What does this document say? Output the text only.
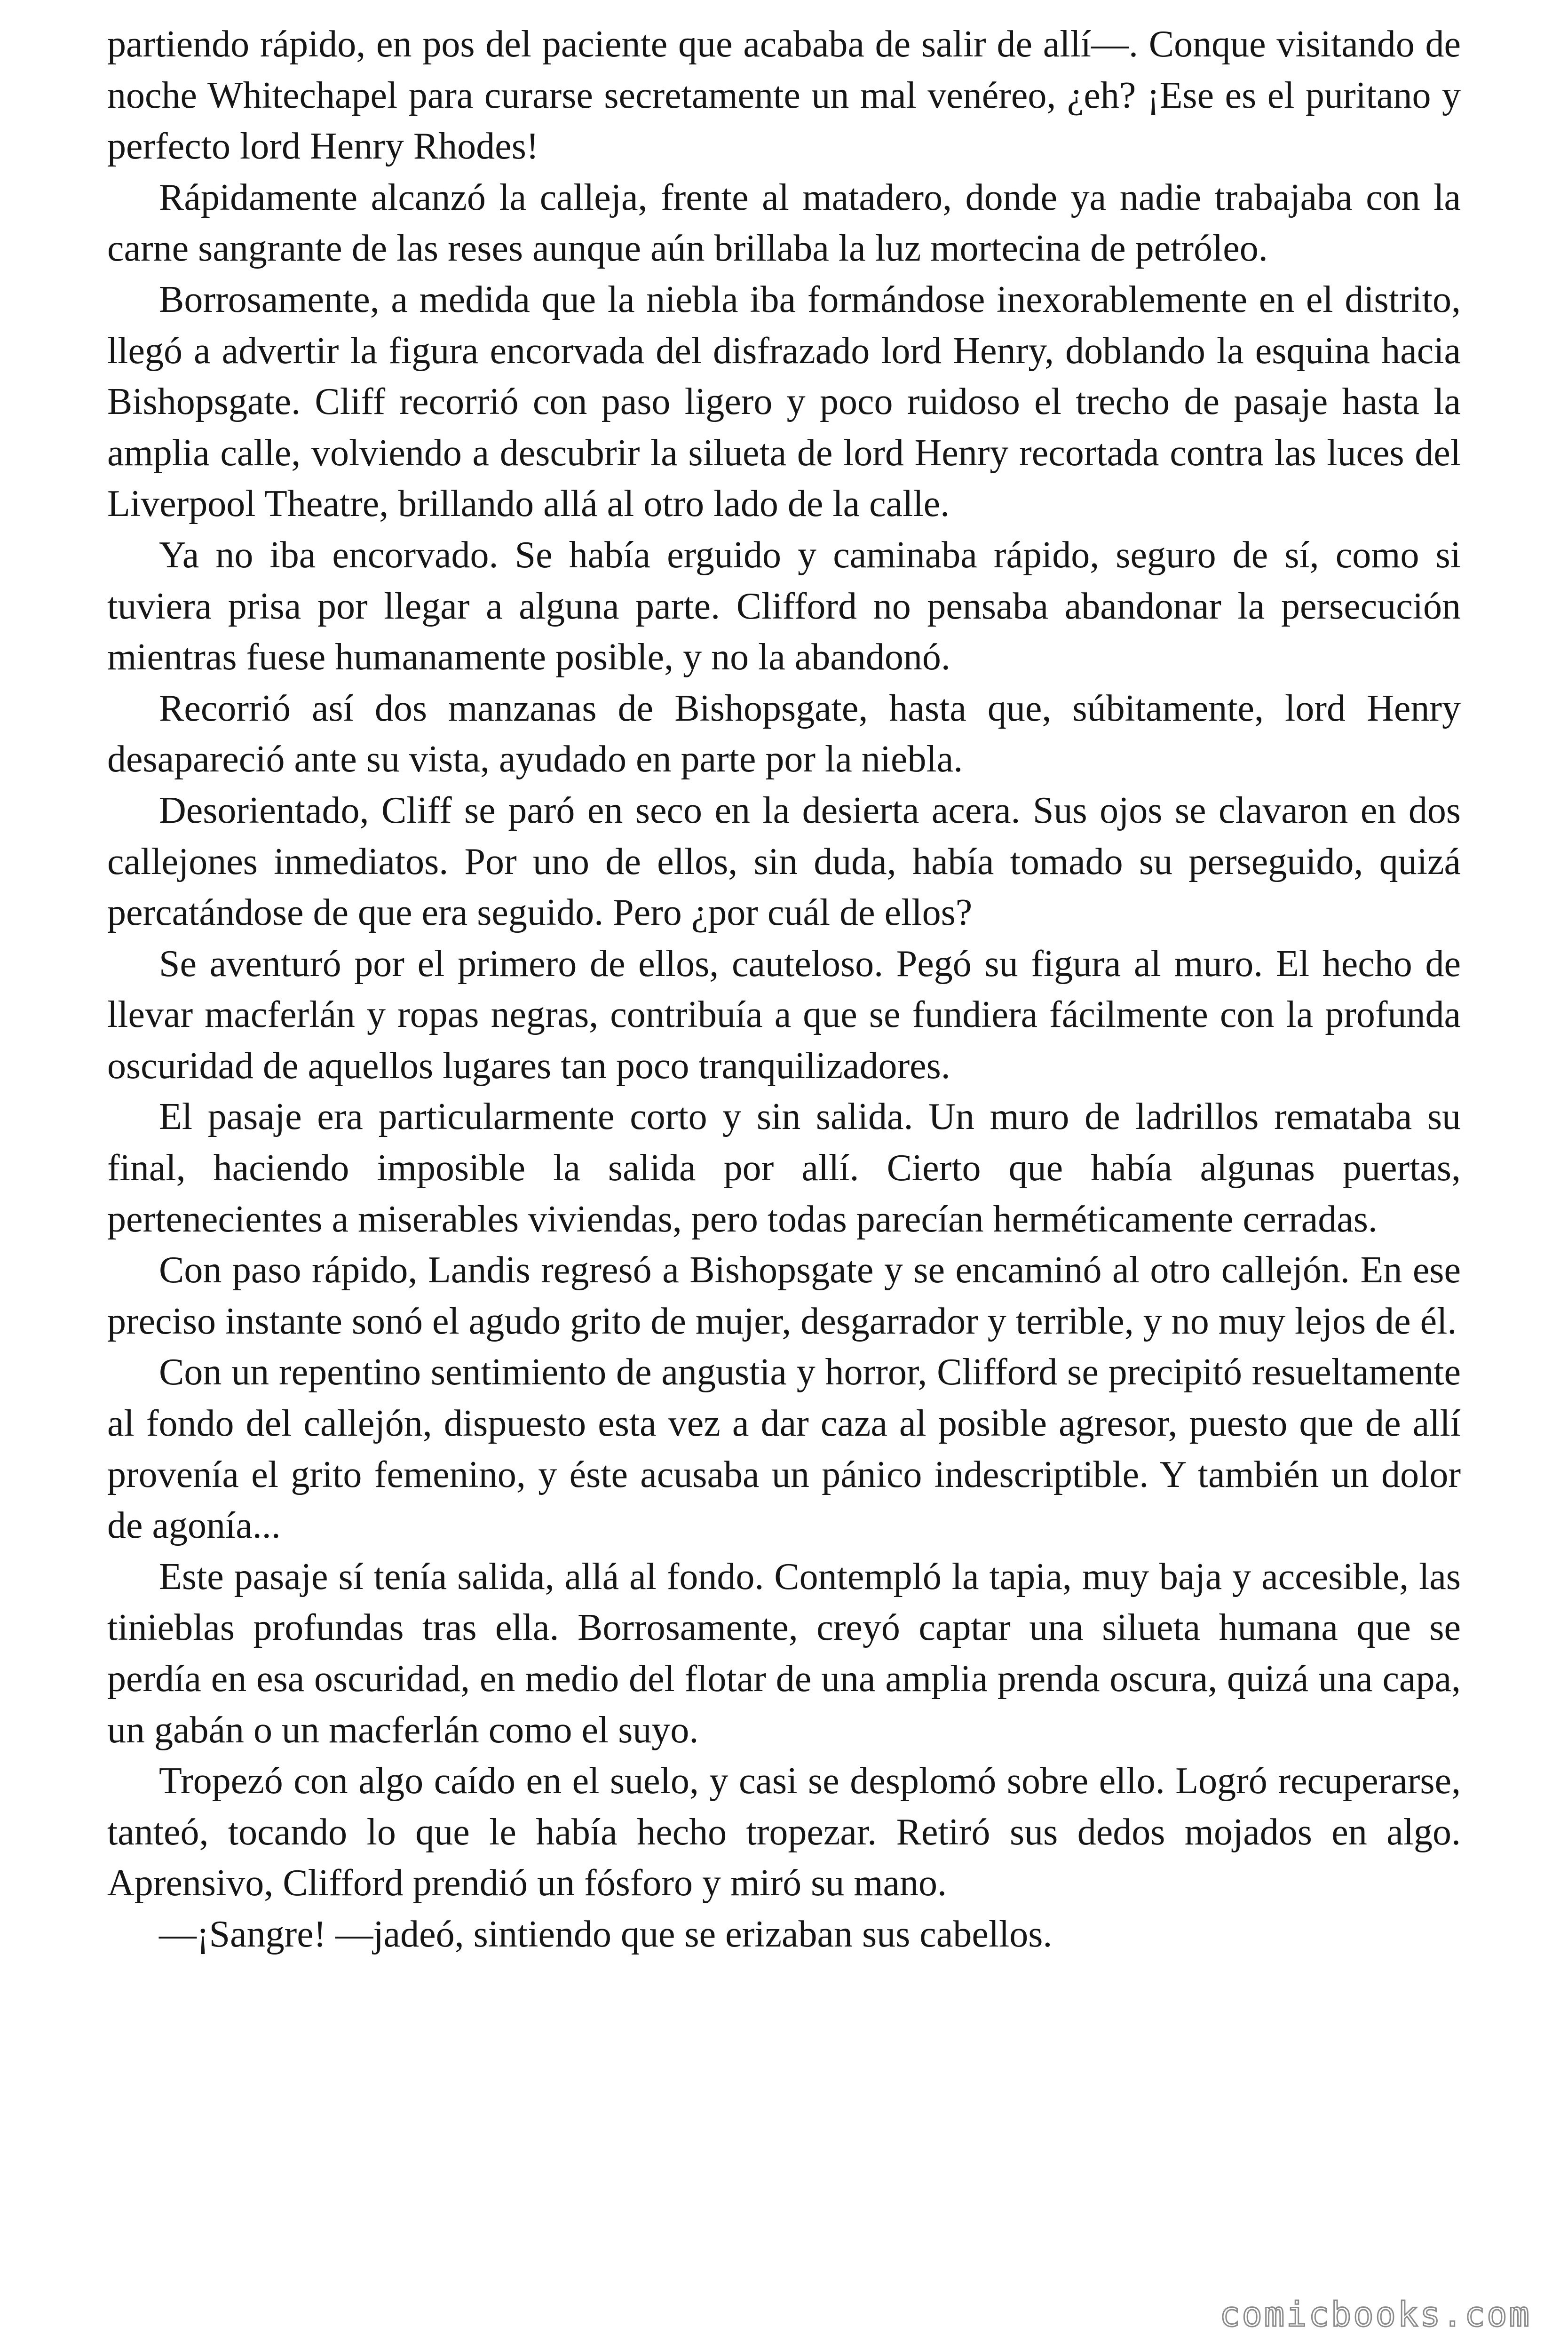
partiendo rápido, en pos del paciente que acababa de salir de allí—. Conque visitando de noche Whitechapel para curarse secretamente un mal venéreo, ¿eh? ¡Ese es el puritano y perfecto lord Henry Rhodes!

Rápidamente alcanzó la calleja, frente al matadero, donde ya nadie trabajaba con la carne sangrante de las reses aunque aún brillaba la luz mortecina de petróleo.

Borrosamente, a medida que la niebla iba formándose inexorablemente en el distrito, llegó a advertir la figura encorvada del disfrazado lord Henry, doblando la esquina hacia Bishopsgate. Cliff recorrió con paso ligero y poco ruidoso el trecho de pasaje hasta la amplia calle, volviendo a descubrir la silueta de lord Henry recortada contra las luces del Liverpool Theatre, brillando allá al otro lado de la calle.

Ya no iba encorvado. Se había erguido y caminaba rápido, seguro de sí, como si tuviera prisa por llegar a alguna parte. Clifford no pensaba abandonar la persecución mientras fuese humanamente posible, y no la abandonó.

Recorrió así dos manzanas de Bishopsgate, hasta que, súbitamente, lord Henry desapareció ante su vista, ayudado en parte por la niebla.

Desorientado, Cliff se paró en seco en la desierta acera. Sus ojos se clavaron en dos callejones inmediatos. Por uno de ellos, sin duda, había tomado su perseguido, quizá percatándose de que era seguido. Pero ¿por cuál de ellos?

Se aventuró por el primero de ellos, cauteloso. Pegó su figura al muro. El hecho de llevar macferlán y ropas negras, contribuía a que se fundiera fácilmente con la profunda oscuridad de aquellos lugares tan poco tranquilizadores.

El pasaje era particularmente corto y sin salida. Un muro de ladrillos remataba su final, haciendo imposible la salida por allí. Cierto que había algunas puertas, pertenecientes a miserables viviendas, pero todas parecían herméticamente cerradas.

Con paso rápido, Landis regresó a Bishopsgate y se encaminó al otro callejón. En ese preciso instante sonó el agudo grito de mujer, desgarrador y terrible, y no muy lejos de él.

Con un repentino sentimiento de angustia y horror, Clifford se precipitó resueltamente al fondo del callejón, dispuesto esta vez a dar caza al posible agresor, puesto que de allí provenía el grito femenino, y éste acusaba un pánico indescriptible. Y también un dolor de agonía...

Este pasaje sí tenía salida, allá al fondo. Contempló la tapia, muy baja y accesible, las tinieblas profundas tras ella. Borrosamente, creyó captar una silueta humana que se perdía en esa oscuridad, en medio del flotar de una amplia prenda oscura, quizá una capa, un gabán o un macferlán como el suyo.

Tropezó con algo caído en el suelo, y casi se desplomó sobre ello. Logró recuperarse, tanteó, tocando lo que le había hecho tropezar. Retiró sus dedos mojados en algo. Aprensivo, Clifford prendió un fósforo y miró su mano.

—¡Sangre! —jadeó, sintiendo que se erizaban sus cabellos.

comicbooks.com
